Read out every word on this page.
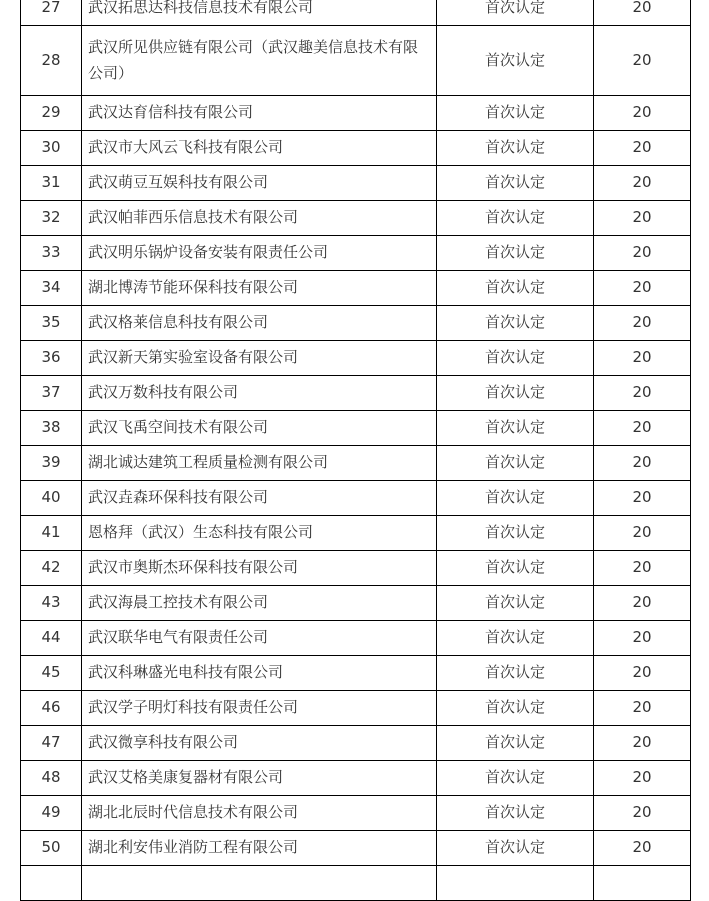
27	武汉拓思达科技信息技术有限公司	首次认定	20
28	武汉所见供应链有限公司（武汉趣美信息技术有限公司）	首次认定	20
29	武汉达育信科技有限公司	首次认定	20
30	武汉市大风云飞科技有限公司	首次认定	20
31	武汉萌豆互娱科技有限公司	首次认定	20
32	武汉帕菲西乐信息技术有限公司	首次认定	20
33	武汉明乐锅炉设备安装有限责任公司	首次认定	20
34	湖北博涛节能环保科技有限公司	首次认定	20
35	武汉格莱信息科技有限公司	首次认定	20
36	武汉新天第实验室设备有限公司	首次认定	20
37	武汉万数科技有限公司	首次认定	20
38	武汉飞禹空间技术有限公司	首次认定	20
39	湖北诚达建筑工程质量检测有限公司	首次认定	20
40	武汉垚森环保科技有限公司	首次认定	20
41	恩格拜（武汉）生态科技有限公司	首次认定	20
42	武汉市奥斯杰环保科技有限公司	首次认定	20
43	武汉海晨工控技术有限公司	首次认定	20
44	武汉联华电气有限责任公司	首次认定	20
45	武汉科琳盛光电科技有限公司	首次认定	20
46	武汉学子明灯科技有限责任公司	首次认定	20
47	武汉微享科技有限公司	首次认定	20
48	武汉艾格美康复器材有限公司	首次认定	20
49	湖北北辰时代信息技术有限公司	首次认定	20
50	湖北利安伟业消防工程有限公司	首次认定	20
